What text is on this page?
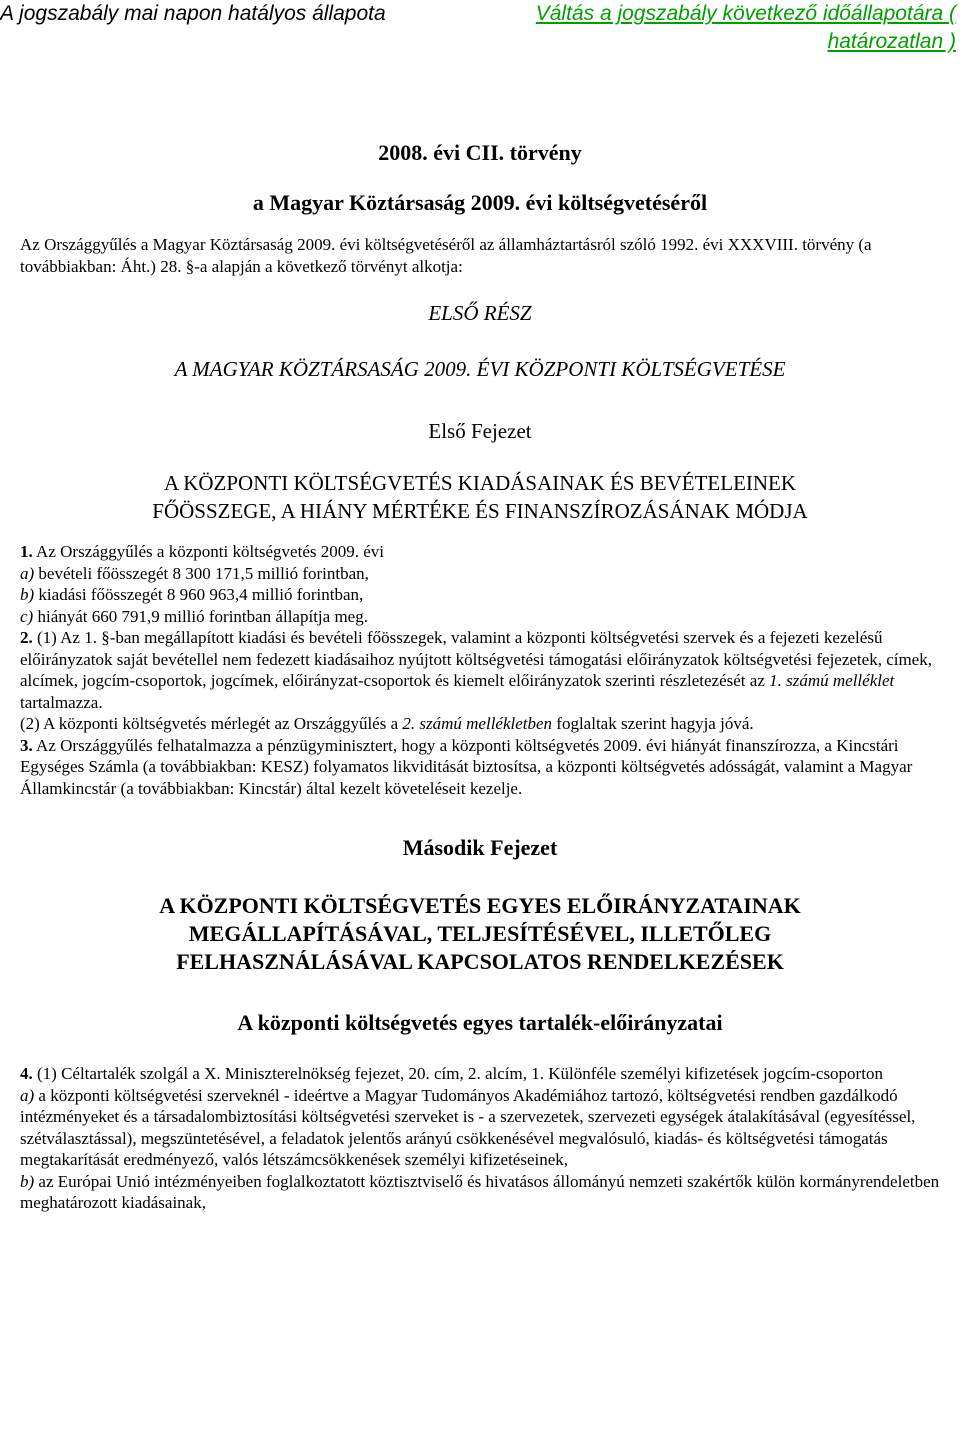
A jogszabály mai napon hatályos állapota	Váltás a jogszabály következő időállapotára ( határozatlan )
2008. évi CII. törvény
a Magyar Köztársaság 2009. évi költségvetéséről

Az Országgyűlés a Magyar Köztársaság 2009. évi költségvetéséről az államháztartásról szóló 1992. évi XXXVIII. törvény (a továbbiakban: Áht.) 28. §-a alapján a következő törvényt alkotja:

ELSŐ RÉSZ
A MAGYAR KÖZTÁRSASÁG 2009. ÉVI KÖZPONTI KÖLTSÉGVETÉSE
Első Fejezet
A KÖZPONTI KÖLTSÉGVETÉS KIADÁSAINAK ÉS BEVÉTELEINEK
FŐÖSSZEGE, A HIÁNY MÉRTÉKE ÉS FINANSZÍROZÁSÁNAK MÓDJA

1. Az Országgyűlés a központi költségvetés 2009. évi

a) bevételi főösszegét 8 300 171,5 millió forintban,

b) kiadási főösszegét 8 960 963,4 millió forintban,

c) hiányát 660 791,9 millió forintban állapítja meg.

2. (1) Az 1. §-ban megállapított kiadási és bevételi főösszegek, valamint a központi költségvetési szervek és a fejezeti kezelésű előirányzatok saját bevétellel nem fedezett kiadásaihoz nyújtott költségvetési támogatási előirányzatok költségvetési fejezetek, címek, alcímek, jogcím-csoportok, jogcímek, előirányzat-csoportok és kiemelt előirányzatok szerinti részletezését az 1. számú melléklet tartalmazza.

(2) A központi költségvetés mérlegét az Országgyűlés a 2. számú mellékletben foglaltak szerint hagyja jóvá.

3. Az Országgyűlés felhatalmazza a pénzügyminisztert, hogy a központi költségvetés 2009. évi hiányát finanszírozza, a Kincstári Egységes Számla (a továbbiakban: KESZ) folyamatos likviditását biztosítsa, a központi költségvetés adósságát, valamint a Magyar Államkincstár (a továbbiakban: Kincstár) által kezelt követeléseit kezelje.

Második Fejezet
A KÖZPONTI KÖLTSÉGVETÉS EGYES ELŐIRÁNYZATAINAK
MEGÁLLAPÍTÁSÁVAL, TELJESÍTÉSÉVEL, ILLETŐLEG
FELHASZNÁLÁSÁVAL KAPCSOLATOS RENDELKEZÉSEK
A központi költségvetés egyes tartalék-előirányzatai

4. (1) Céltartalék szolgál a X. Miniszterelnökség fejezet, 20. cím, 2. alcím, 1. Különféle személyi kifizetések jogcím-csoporton

a) a központi költségvetési szerveknél - ideértve a Magyar Tudományos Akadémiához tartozó, költségvetési rendben gazdálkodó intézményeket és a társadalombiztosítási költségvetési szerveket is - a szervezetek, szervezeti egységek átalakításával (egyesítéssel, szétválasztással), megszüntetésével, a feladatok jelentős arányú csökkenésével megvalósuló, kiadás- és költségvetési támogatás megtakarítását eredményező, valós létszámcsökkenések személyi kifizetéseinek,

b) az Európai Unió intézményeiben foglalkoztatott köztisztviselő és hivatásos állományú nemzeti szakértők külön kormányrendeletben meghatározott kiadásainak,
